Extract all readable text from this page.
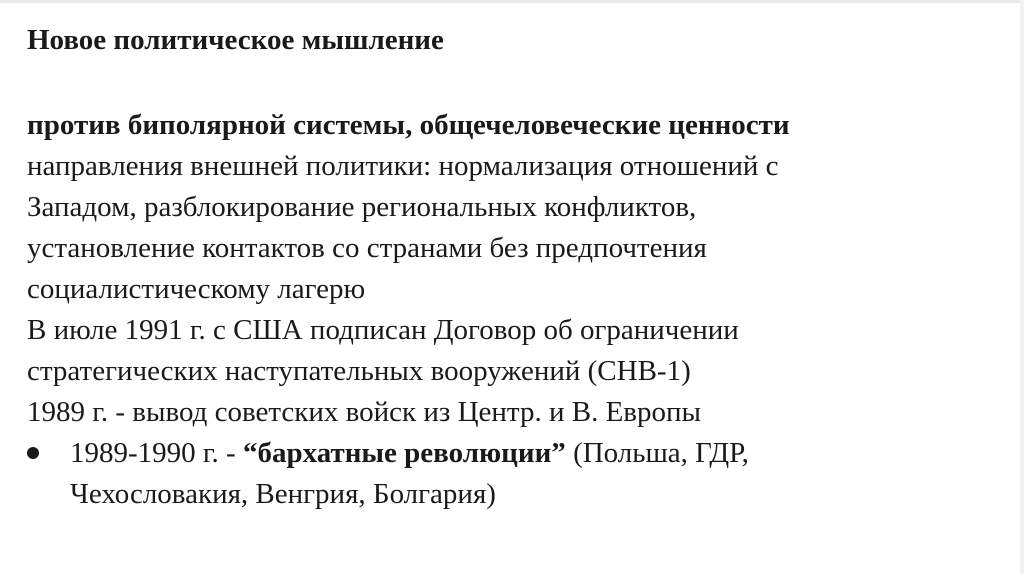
Новое политическое мышление

против биполярной системы, общечеловеческие ценности

направления внешней политики: нормализация отношений с

Западом, разблокирование региональных конфликтов,

установление контактов со странами без предпочтения

социалистическому лагерю

В июле 1991 г. с США подписан Договор об ограничении

стратегических наступательных вооружений (СНВ-1)

1989 г. - вывод советских войск из Центр. и В. Европы

1989-1990 г. - “бархатные революции” (Польша, ГДР,

Чехословакия, Венгрия, Болгария)
